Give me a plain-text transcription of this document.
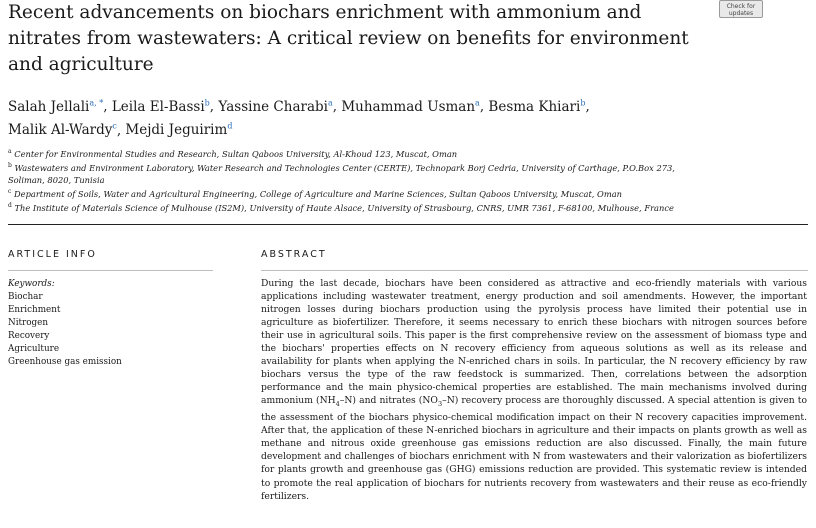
Recent advancements on biochars enrichment with ammonium and nitrates from wastewaters: A critical review on benefits for environment and agriculture
Check for
updates
Salah Jellali$^{a, *}$, Leila El-Bassi$^b$, Yassine Charabi$^a$, Muhammad Usman$^a$, Besma Khiari$^b$,
Malik Al-Wardy$^c$, Mejdi Jeguirim$^d$

$^a$ Center for Environmental Studies and Research, Sultan Qaboos University, Al-Khoud 123, Muscat, Oman

$^b$ Wastewaters and Environment Laboratory, Water Research and Technologies Center (CERTE), Technopark Borj Cedria, University of Carthage, P.O.Box 273, Soliman, 8020, Tunisia

$^c$ Department of Soils, Water and Agricultural Engineering, College of Agriculture and Marine Sciences, Sultan Qaboos University, Muscat, Oman

$^d$ The Institute of Materials Science of Mulhouse (IS2M), University of Haute Alsace, University of Strasbourg, CNRS, UMR 7361, F-68100, Mulhouse, France

ARTICLE INFO	ABSTRACT
Keywords:
Biochar
Enrichment
Nitrogen
Recovery
Agriculture
Greenhouse gas emission

During the last decade, biochars have been considered as attractive and eco-friendly materials with various applications including wastewater treatment, energy production and soil amendments. However, the important nitrogen losses during biochars production using the pyrolysis process have limited their potential use in agriculture as biofertilizer. Therefore, it seems necessary to enrich these biochars with nitrogen sources before their use in agricultural soils. This paper is the first comprehensive review on the assessment of biomass type and the biochars' properties effects on N recovery efficiency from aqueous solutions as well as its release and availability for plants when applying the N-enriched chars in soils. In particular, the N recovery efficiency by raw biochars versus the type of the raw feedstock is summarized. Then, correlations between the adsorption performance and the main physico-chemical properties are established. The main mechanisms involved during ammonium $(NH_4-N)$ and nitrates $(NO_3-N)$ recovery process are thoroughly discussed. A special attention is given to the assessment of the biochars physico-chemical modification impact on their N recovery capacities improvement. After that, the application of these N-enriched biochars in agriculture and their impacts on plants growth as well as methane and nitrous oxide greenhouse gas emissions reduction are also discussed. Finally, the main future development and challenges of biochars enrichment with N from wastewaters and their valorization as biofertilizers for plants growth and greenhouse gas (GHG) emissions reduction are provided. This systematic review is intended to promote the real application of biochars for nutrients recovery from wastewaters and their reuse as eco-friendly fertilizers.
